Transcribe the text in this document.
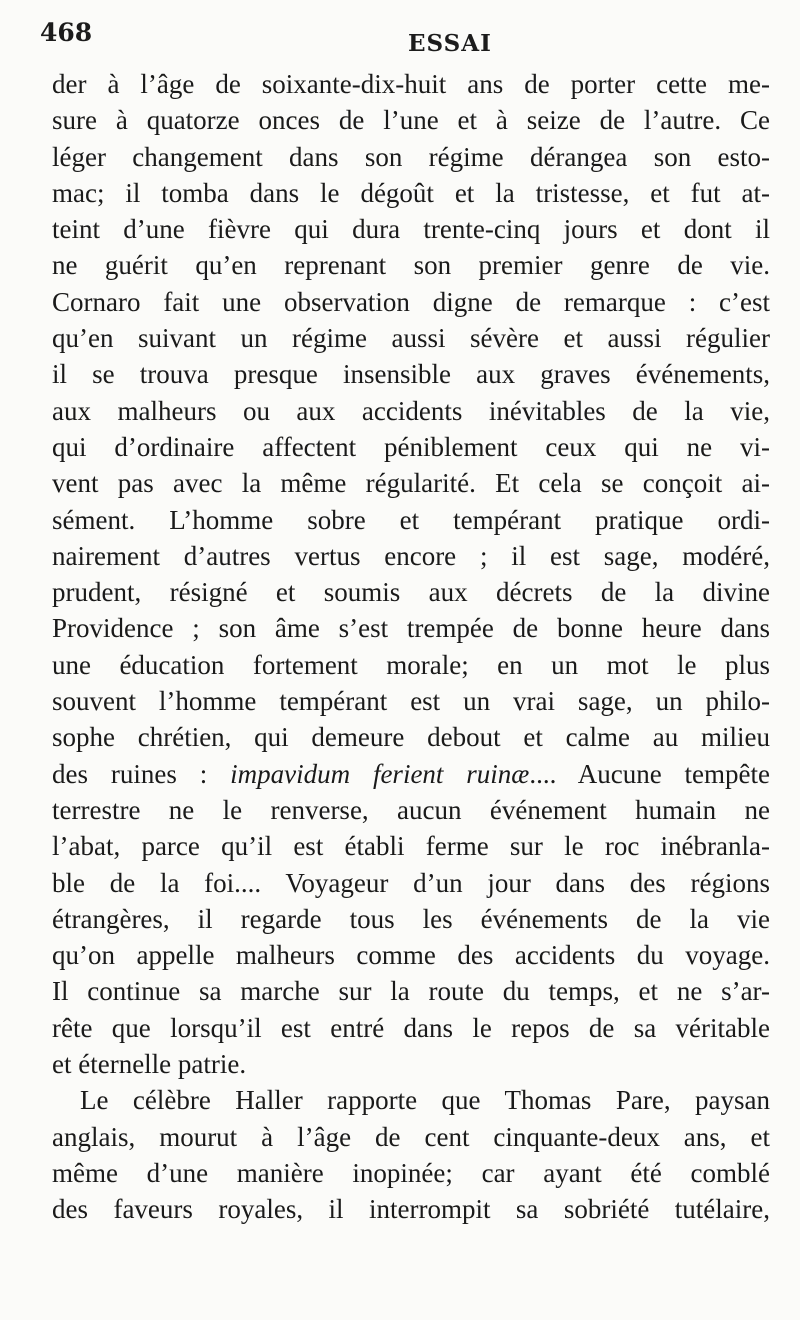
468	ESSAI
der à l’âge de soixante-dix-huit ans de porter cette me-
sure à quatorze onces de l’une et à seize de l’autre. Ce
léger changement dans son régime dérangea son esto-
mac; il tomba dans le dégoût et la tristesse, et fut at-
teint d’une fièvre qui dura trente-cinq jours et dont il
ne guérit qu’en reprenant son premier genre de vie.
Cornaro fait une observation digne de remarque : c’est
qu’en suivant un régime aussi sévère et aussi régulier
il se trouva presque insensible aux graves événements,
aux malheurs ou aux accidents inévitables de la vie,
qui d’ordinaire affectent péniblement ceux qui ne vi-
vent pas avec la même régularité. Et cela se conçoit ai-
sément. L’homme sobre et tempérant pratique ordi-
nairement d’autres vertus encore ; il est sage, modéré,
prudent, résigné et soumis aux décrets de la divine
Providence ; son âme s’est trempée de bonne heure dans
une éducation fortement morale; en un mot le plus
souvent l’homme tempérant est un vrai sage, un philo-
sophe chrétien, qui demeure debout et calme au milieu
des ruines : impavidum ferient ruinæ.... Aucune tempête
terrestre ne le renverse, aucun événement humain ne
l’abat, parce qu’il est établi ferme sur le roc inébranla-
ble de la foi.... Voyageur d’un jour dans des régions
étrangères, il regarde tous les événements de la vie
qu’on appelle malheurs comme des accidents du voyage.
Il continue sa marche sur la route du temps, et ne s’ar-
rête que lorsqu’il est entré dans le repos de sa véritable
et éternelle patrie.
Le célèbre Haller rapporte que Thomas Pare, paysan
anglais, mourut à l’âge de cent cinquante-deux ans, et
même d’une manière inopinée; car ayant été comblé
des faveurs royales, il interrompit sa sobriété tutélaire,
